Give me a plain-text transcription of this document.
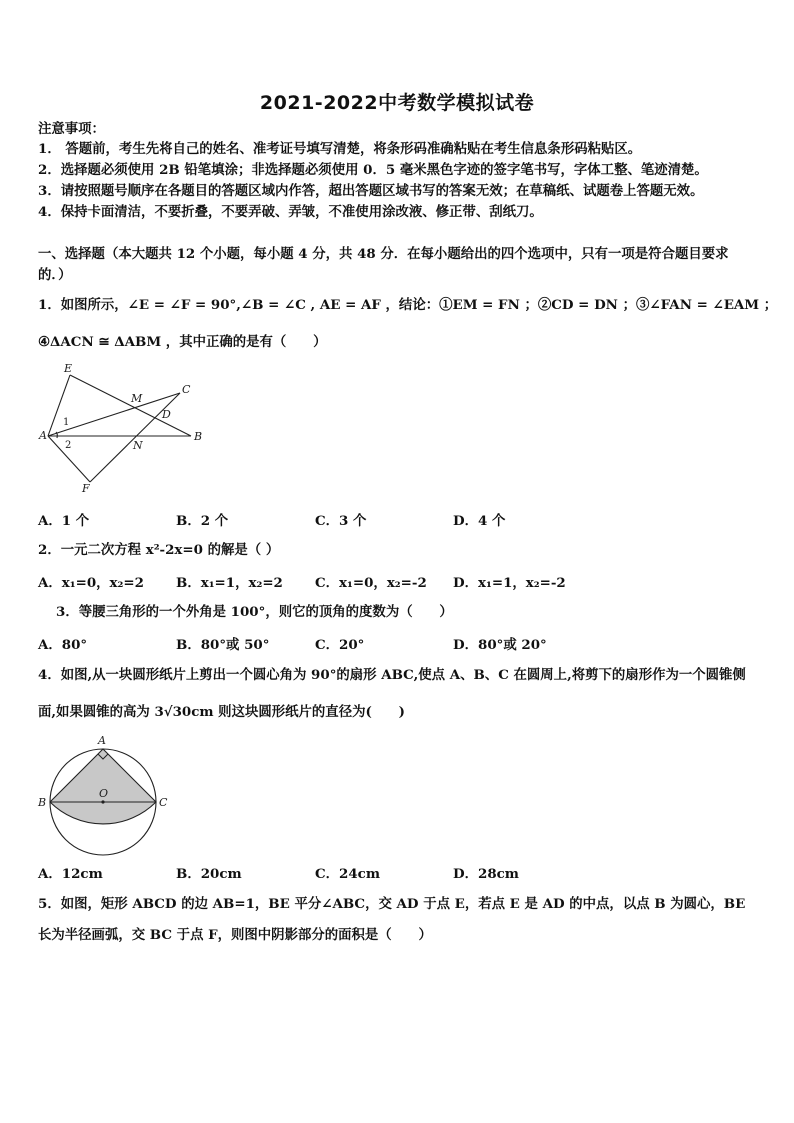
2021-2022中考数学模拟试卷
注意事项：
1． 答题前，考生先将自己的姓名、准考证号填写清楚，将条形码准确粘贴在考生信息条形码粘贴区。
2．选择题必须使用 2B 铅笔填涂；非选择题必须使用 0．5 毫米黑色字迹的签字笔书写，字体工整、笔迹清楚。
3．请按照题号顺序在各题目的答题区域内作答，超出答题区域书写的答案无效；在草稿纸、试题卷上答题无效。
4．保持卡面清洁，不要折叠，不要弄破、弄皱，不准使用涂改液、修正带、刮纸刀。
一、选择题（本大题共 12 个小题，每小题 4 分，共 48 分．在每小题给出的四个选项中，只有一项是符合题目要求
的．）
1．如图所示，∠E = ∠F = 90°,∠B = ∠C , AE = AF ，结论：①EM = FN ；②CD = DN ；③∠FAN = ∠EAM ；
④ΔACN ≅ ΔABM ，其中正确的是有（　　）
E
C
M
D
1
A
2	N
B
F
A．1 个	B．2 个	C．3 个	D．4 个
2．一元二次方程 x²-2x=0 的解是（ ）
A．x₁=0，x₂=2 B．x₁=1，x₂=2 C．x₁=0，x₂=-2 D．x₁=1，x₂=-2
3．等腰三角形的一个外角是 100°，则它的顶角的度数为（　　）
A．80°	B．80°或 50°	C．20°	D．80°或 20°
4．如图,从一块圆形纸片上剪出一个圆心角为 90°的扇形 ABC,使点 A、B、C 在圆周上,将剪下的扇形作为一个圆锥侧
面,如果圆锥的高为 3√30cm 则这块圆形纸片的直径为(　　)
A
B
O
C
A．12cm	B．20cm	C．24cm	D．28cm
5．如图，矩形 ABCD 的边 AB=1，BE 平分∠ABC，交 AD 于点 E，若点 E 是 AD 的中点，以点 B 为圆心，BE
长为半径画弧，交 BC 于点 F，则图中阴影部分的面积是（　　）
